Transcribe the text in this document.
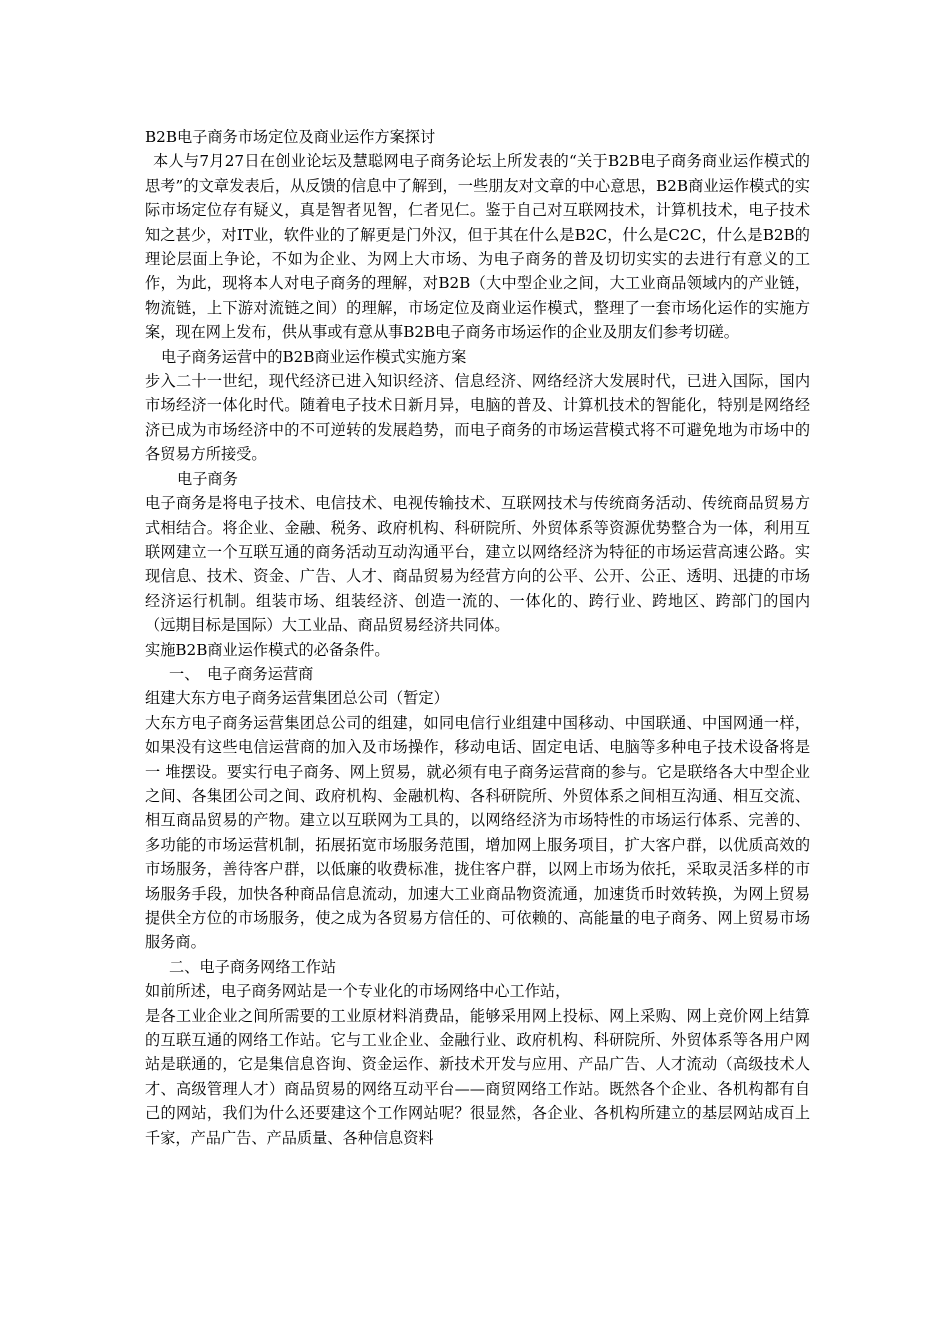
B2B电子商务市场定位及商业运作方案探讨

本人与7月27日在创业论坛及慧聪网电子商务论坛上所发表的“关于B2B电子商务商业运作模式的思考”的文章发表后，从反馈的信息中了解到，一些朋友对文章的中心意思，B2B商业运作模式的实际市场定位存有疑义，真是智者见智，仁者见仁。鉴于自己对互联网技术，计算机技术，电子技术知之甚少，对IT业，软件业的了解更是门外汉，但于其在什么是B2C，什么是C2C，什么是B2B的理论层面上争论，不如为企业、为网上大市场、为电子商务的普及切切实实的去进行有意义的工作，为此，现将本人对电子商务的理解，对B2B（大中型企业之间，大工业商品领域内的产业链，物流链，上下游对流链之间）的理解，市场定位及商业运作模式，整理了一套市场化运作的实施方案，现在网上发布，供从事或有意从事B2B电子商务市场运作的企业及朋友们参考切磋。

电子商务运营中的B2B商业运作模式实施方案

步入二十一世纪，现代经济已进入知识经济、信息经济、网络经济大发展时代，已进入国际，国内市场经济一体化时代。随着电子技术日新月异，电脑的普及、计算机技术的智能化，特别是网络经济已成为市场经济中的不可逆转的发展趋势，而电子商务的市场运营模式将不可避免地为市场中的各贸易方所接受。

电子商务

电子商务是将电子技术、电信技术、电视传输技术、互联网技术与传统商务活动、传统商品贸易方式相结合。将企业、金融、税务、政府机构、科研院所、外贸体系等资源优势整合为一体，利用互联网建立一个互联互通的商务活动互动沟通平台，建立以网络经济为特征的市场运营高速公路。实现信息、技术、资金、广告、人才、商品贸易为经营方向的公平、公开、公正、透明、迅捷的市场经济运行机制。组装市场、组装经济、创造一流的、一体化的、跨行业、跨地区、跨部门的国内（远期目标是国际）大工业品、商品贸易经济共同体。

实施B2B商业运作模式的必备条件。

一、　电子商务运营商

组建大东方电子商务运营集团总公司（暂定）

大东方电子商务运营集团总公司的组建，如同电信行业组建中国移动、中国联通、中国网通一样，如果没有这些电信运营商的加入及市场操作，移动电话、固定电话、电脑等多种电子技术设备将是一 堆摆设。要实行电子商务、网上贸易，就必须有电子商务运营商的参与。它是联络各大中型企业之间、各集团公司之间、政府机构、金融机构、各科研院所、外贸体系之间相互沟通、相互交流、相互商品贸易的产物。建立以互联网为工具的，以网络经济为市场特性的市场运行体系、完善的、多功能的市场运营机制，拓展拓宽市场服务范围，增加网上服务项目，扩大客户群，以优质高效的市场服务，善待客户群，以低廉的收费标准，拢住客户群，以网上市场为依托，采取灵活多样的市场服务手段，加快各种商品信息流动，加速大工业商品物资流通，加速货币时效转换，为网上贸易提供全方位的市场服务，使之成为各贸易方信任的、可依赖的、高能量的电子商务、网上贸易市场服务商。

二、电子商务网络工作站

如前所述，电子商务网站是一个专业化的市场网络中心工作站，

是各工业企业之间所需要的工业原材料消费品，能够采用网上投标、网上采购、网上竞价网上结算的互联互通的网络工作站。它与工业企业、金融行业、政府机构、科研院所、外贸体系等各用户网站是联通的，它是集信息咨询、资金运作、新技术开发与应用、产品广告、人才流动（高级技术人才、高级管理人才）商品贸易的网络互动平台——商贸网络工作站。既然各个企业、各机构都有自己的网站，我们为什么还要建这个工作网站呢？很显然，各企业、各机构所建立的基层网站成百上千家，产品广告、产品质量、各种信息资料
